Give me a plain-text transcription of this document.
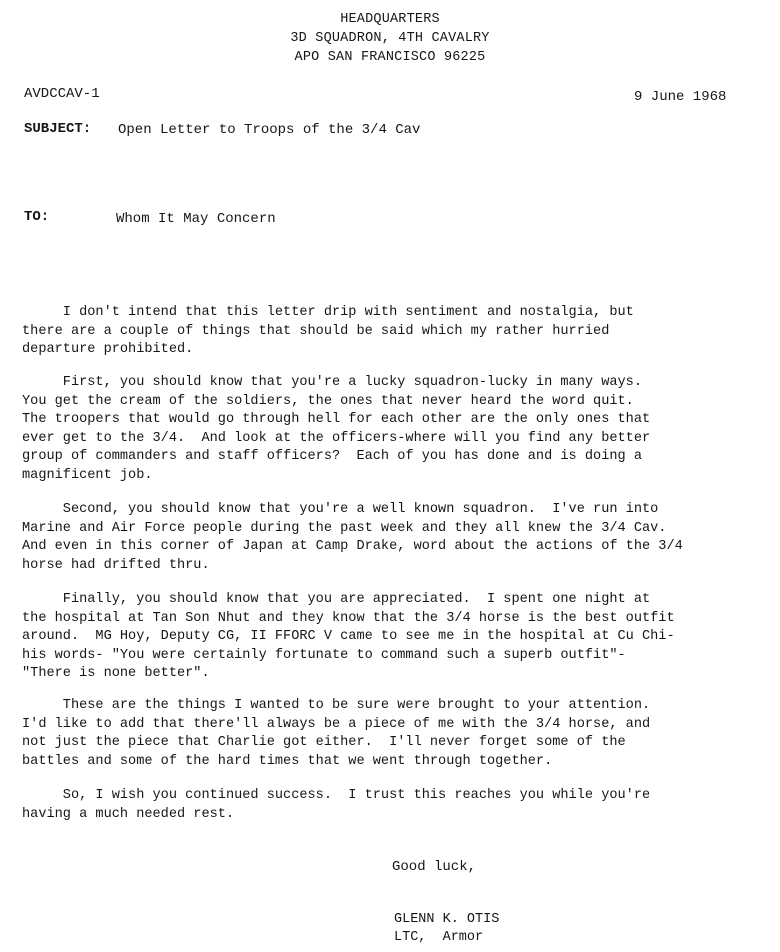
HEADQUARTERS
3D SQUADRON, 4TH CAVALRY
APO SAN FRANCISCO 96225
AVDCCAV-1	9 June 1968
SUBJECT: Open Letter to Troops of the 3/4 Cav
TO:	Whom It May Concern
I don't intend that this letter drip with sentiment and nostalgia, but
there are a couple of things that should be said which my rather hurried
departure prohibited.
First, you should know that you're a lucky squadron-lucky in many ways.
You get the cream of the soldiers, the ones that never heard the word quit.
The troopers that would go through hell for each other are the only ones that
ever get to the 3/4.  And look at the officers-where will you find any better
group of commanders and staff officers?  Each of you has done and is doing a
magnificent job.
Second, you should know that you're a well known squadron.  I've run into
Marine and Air Force people during the past week and they all knew the 3/4 Cav.
And even in this corner of Japan at Camp Drake, word about the actions of the 3/4
horse had drifted thru.
Finally, you should know that you are appreciated.  I spent one night at
the hospital at Tan Son Nhut and they know that the 3/4 horse is the best outfit
around.  MG Hoy, Deputy CG, II FFORC V came to see me in the hospital at Cu Chi-
his words- "You were certainly fortunate to command such a superb outfit"-
"There is none better".
These are the things I wanted to be sure were brought to your attention.
I'd like to add that there'll always be a piece of me with the 3/4 horse, and
not just the piece that Charlie got either.  I'll never forget some of the
battles and some of the hard times that we went through together.
So, I wish you continued success.  I trust this reaches you while you're
having a much needed rest.
Good luck,
GLENN K. OTIS
LTC,  Armor
